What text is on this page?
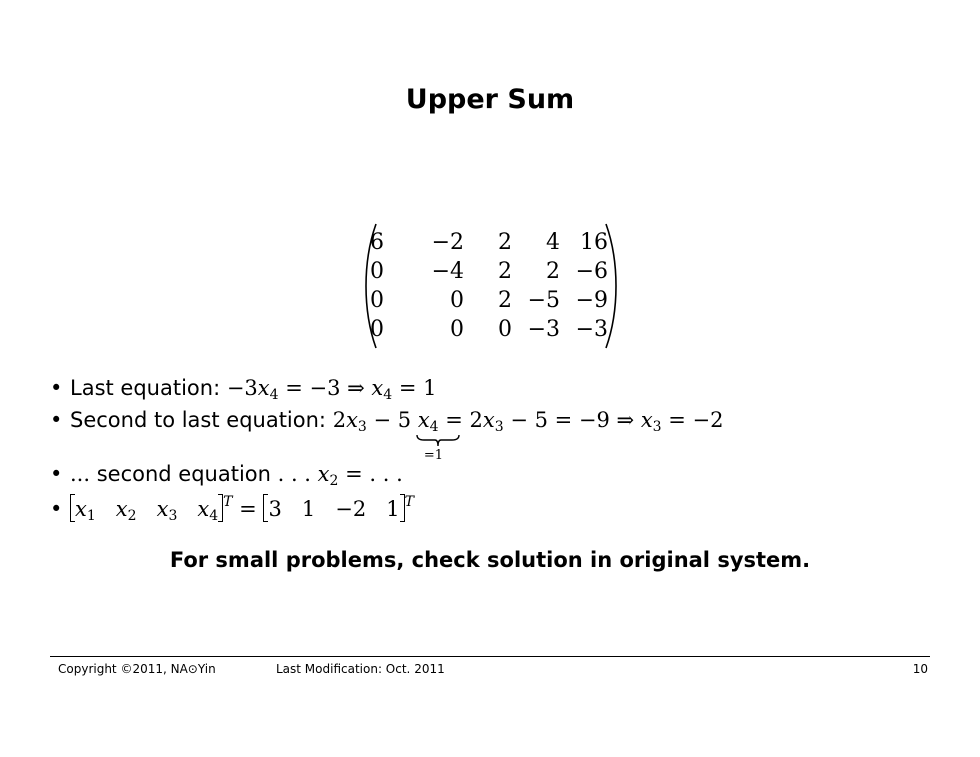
Upper Sum
6	−2	2	4 16
0	−4	2	2 −6
0	0	2 −5 −9
0	0	0 −3 −3
• Last equation: $-3x_4 = -3$ ⇒ $x_4 = 1$
• Second to last equation: $2x_3 - 5$ $x_4$
=1
= $2x_3 - 5 = -9$ ⇒ $x_3 = -2$
• ... second equation . . . $x_2$ = . . .
• $x_1$ $x_2$ $x_3$ $x_4^T = 3$   1   −2   1 $^T$
For small problems, check solution in original system.
Copyright ©2011, NA⊙Yin	Last Modification: Oct. 2011	10
